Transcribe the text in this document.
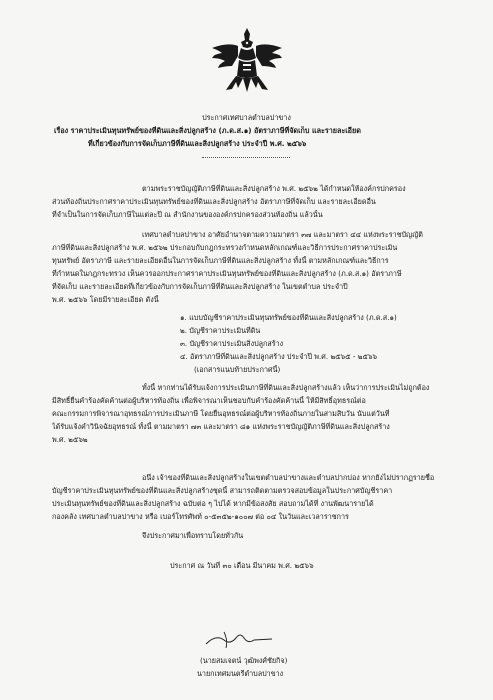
ประกาศเทศบาลตำบลปาขาง
เรื่อง ราคาประเมินทุนทรัพย์ของที่ดินและสิ่งปลูกสร้าง (ภ.ด.ส.๑) อัตราภาษีที่จัดเก็บ และรายละเอียด
ที่เกี่ยวข้องกับการจัดเก็บภาษีที่ดินและสิ่งปลูกสร้าง ประจำปี พ.ศ. ๒๕๖๖
ตามพระราชบัญญัติภาษีที่ดินและสิ่งปลูกสร้าง พ.ศ. ๒๕๖๒ ได้กำหนดให้องค์กรปกครอง
ส่วนท้องถิ่นประกาศราคาประเมินทุนทรัพย์ของที่ดินและสิ่งปลูกสร้าง อัตราภาษีที่จัดเก็บ และรายละเอียดอื่น
ที่จำเป็นในการจัดเก็บภาษีในแต่ละปี ณ สำนักงานขององค์กรปกครองส่วนท้องถิ่น แล้วนั้น
เทศบาลตำบลปาขาง อาศัยอำนาจตามความมาตรา ๓๗ และมาตรา ๔๔ แห่งพระราชบัญญัติ
ภาษีที่ดินและสิ่งปลูกสร้าง พ.ศ. ๒๕๖๒ ประกอบกับกฎกระทรวงกำหนดหลักเกณฑ์และวิธีการประกาศราคาประเมิน
ทุนทรัพย์ อัตราภาษี และรายละเอียดอื่นในการจัดเก็บภาษีที่ดินและสิ่งปลูกสร้าง ทั้งนี้ ตามหลักเกณฑ์และวิธีการ
ที่กำหนดในกฎกระทรวง เห็นควรออกประกาศราคาประเมินทุนทรัพย์ของที่ดินและสิ่งปลูกสร้าง (ภ.ด.ส.๑) อัตราภาษี
ที่จัดเก็บ และรายละเอียดที่เกี่ยวข้องกับการจัดเก็บภาษีที่ดินและสิ่งปลูกสร้าง ในเขตตำบล ประจำปี
พ.ศ. ๒๕๖๖ โดยมีรายละเอียด ดังนี้
๑. แบบบัญชีราคาประเมินทุนทรัพย์ของที่ดินและสิ่งปลูกสร้าง (ภ.ด.ส.๑)
๒. บัญชีราคาประเมินที่ดิน
๓. บัญชีราคาประเมินสิ่งปลูกสร้าง
๔. อัตราภาษีที่ดินและสิ่งปลูกสร้าง ประจำปี พ.ศ. ๒๕๖๕ - ๒๕๖๖
(เอกสารแนบท้ายประกาศนี้)
ทั้งนี้ หากท่านได้รับแจ้งการประเมินภาษีที่ดินและสิ่งปลูกสร้างแล้ว เห็นว่าการประเมินไม่ถูกต้อง
มีสิทธิ์ยื่นคำร้องคัดค้านต่อผู้บริหารท้องถิ่น เพื่อพิจารณาเห็นชอบกับคำร้องคัดค้านนี้ ให้มีสิทธิ์อุทธรณ์ต่อ
คณะกรรมการพิจารณาอุทธรณ์การประเมินภาษี โดยยื่นอุทธรณ์ต่อผู้บริหารท้องถิ่นภายในสามสิบวัน นับแต่วันที่
ได้รับแจ้งคำวินิจฉัยอุทธรณ์ ทั้งนี้ ตามมาตรา ๗๓ และมาตรา ๘๑ แห่งพระราชบัญญัติภาษีที่ดินและสิ่งปลูกสร้าง
พ.ศ. ๒๕๖๒
อนึ่ง เจ้าของที่ดินและสิ่งปลูกสร้างในเขตตำบลปาขางและตำบลปากบ่อง หากยังไม่ปรากฏรายชื่อ
บัญชีราคาประเมินทุนทรัพย์ของที่ดินและสิ่งปลูกสร้างชุดนี้ สามารถติดตามตรวจสอบข้อมูลในประกาศบัญชีราคา
ประเมินทุนทรัพย์ของที่ดินและสิ่งปลูกสร้าง ฉบับต่อ ๆ ไปได้ หากมีข้อสงสัย สอบถามได้ที่ งานพัฒนารายได้
กองคลัง เทศบาลตำบลปาขาง หรือ เบอร์โทรศัพท์ ๐-๕๓๕๒-๑๐๐๗ ต่อ ๐๔ ในวันและเวลาราชการ
จึงประกาศมาเพื่อทราบโดยทั่วกัน
ประกาศ ณ วันที่ ๓๐ เดือน มีนาคม พ.ศ. ๒๕๖๖
(นายสมเจตน์ วุฒิพงศ์ชัยกิจ)
นายกเทศมนตรีตำบลปาขาง
